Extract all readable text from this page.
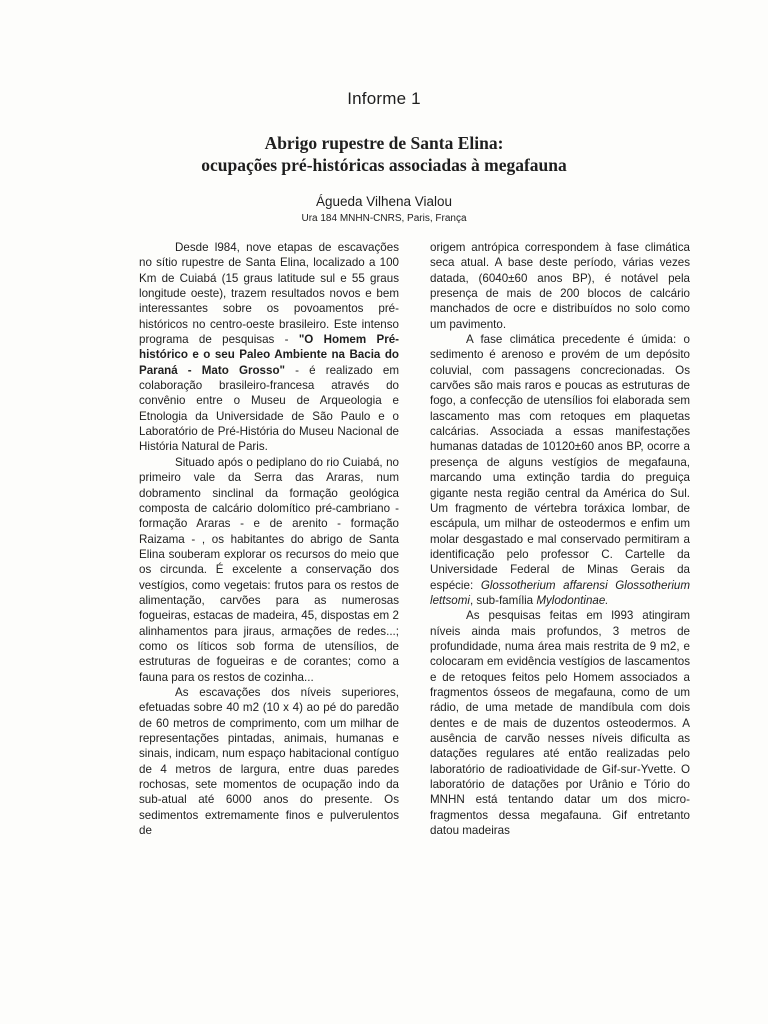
Informe 1
Abrigo rupestre de Santa Elina:
ocupações pré-históricas associadas à megafauna
Águeda Vilhena Vialou
Ura 184 MNHN-CNRS, Paris, França

Desde l984, nove etapas de escavações no sítio rupestre de Santa Elina, localizado a 100 Km de Cuiabá (15 graus latitude sul e 55 graus longitude oeste), trazem resultados novos e bem interessantes sobre os povoamentos pré-históricos no centro-oeste brasileiro. Este intenso programa de pesquisas - "O Homem Pré-histórico e o seu Paleo Ambiente na Bacia do Paraná - Mato Grosso" - é realizado em colaboração brasileiro-francesa através do convênio entre o Museu de Arqueologia e Etnologia da Universidade de São Paulo e o Laboratório de Pré-História do Museu Nacional de História Natural de Paris.

Situado após o pediplano do rio Cuiabá, no primeiro vale da Serra das Araras, num dobramento sinclinal da formação geológica composta de calcário dolomítico pré-cambriano - formação Araras - e de arenito - formação Raizama - , os habitantes do abrigo de Santa Elina souberam explorar os recursos do meio que os circunda. É excelente a conservação dos vestígios, como vegetais: frutos para os restos de alimentação, carvões para as numerosas fogueiras, estacas de madeira, 45, dispostas em 2 alinhamentos para jiraus, armações de redes...; como os líticos sob forma de utensílios, de estruturas de fogueiras e de corantes; como a fauna para os restos de cozinha...

As escavações dos níveis superiores, efetuadas sobre 40 m2 (10 x 4) ao pé do paredão de 60 metros de comprimento, com um milhar de representações pintadas, animais, humanas e sinais, indicam, num espaço habitacional contíguo de 4 metros de largura, entre duas paredes rochosas, sete momentos de ocupação indo da sub-atual até 6000 anos do presente. Os sedimentos extremamente finos e pulverulentos de

origem antrópica correspondem à fase climática seca atual. A base deste período, várias vezes datada, (6040±60 anos BP), é notável pela presença de mais de 200 blocos de calcário manchados de ocre e distribuídos no solo como um pavimento.

A fase climática precedente é úmida: o sedimento é arenoso e provém de um depósito coluvial, com passagens concrecionadas. Os carvões são mais raros e poucas as estruturas de fogo, a confecção de utensílios foi elaborada sem lascamento mas com retoques em plaquetas calcárias. Associada a essas manifestações humanas datadas de 10120±60 anos BP, ocorre a presença de alguns vestígios de megafauna, marcando uma extinção tardia do preguiça gigante nesta região central da América do Sul. Um fragmento de vértebra toráxica lombar, de escápula, um milhar de osteodermos e enfim um molar desgastado e mal conservado permitiram a identificação pelo professor C. Cartelle da Universidade Federal de Minas Gerais da espécie: Glossotherium affarensi Glossotherium lettsomi, sub-família Mylodontinae.

As pesquisas feitas em l993 atingiram níveis ainda mais profundos, 3 metros de profundidade, numa área mais restrita de 9 m2, e colocaram em evidência vestígios de lascamentos e de retoques feitos pelo Homem associados a fragmentos ósseos de megafauna, como de um rádio, de uma metade de mandíbula com dois dentes e de mais de duzentos osteodermos. A ausência de carvão nesses níveis dificulta as datações regulares até então realizadas pelo laboratório de radioatividade de Gif-sur-Yvette. O laboratório de datações por Urânio e Tório do MNHN está tentando datar um dos micro-fragmentos dessa megafauna. Gif entretanto datou madeiras
